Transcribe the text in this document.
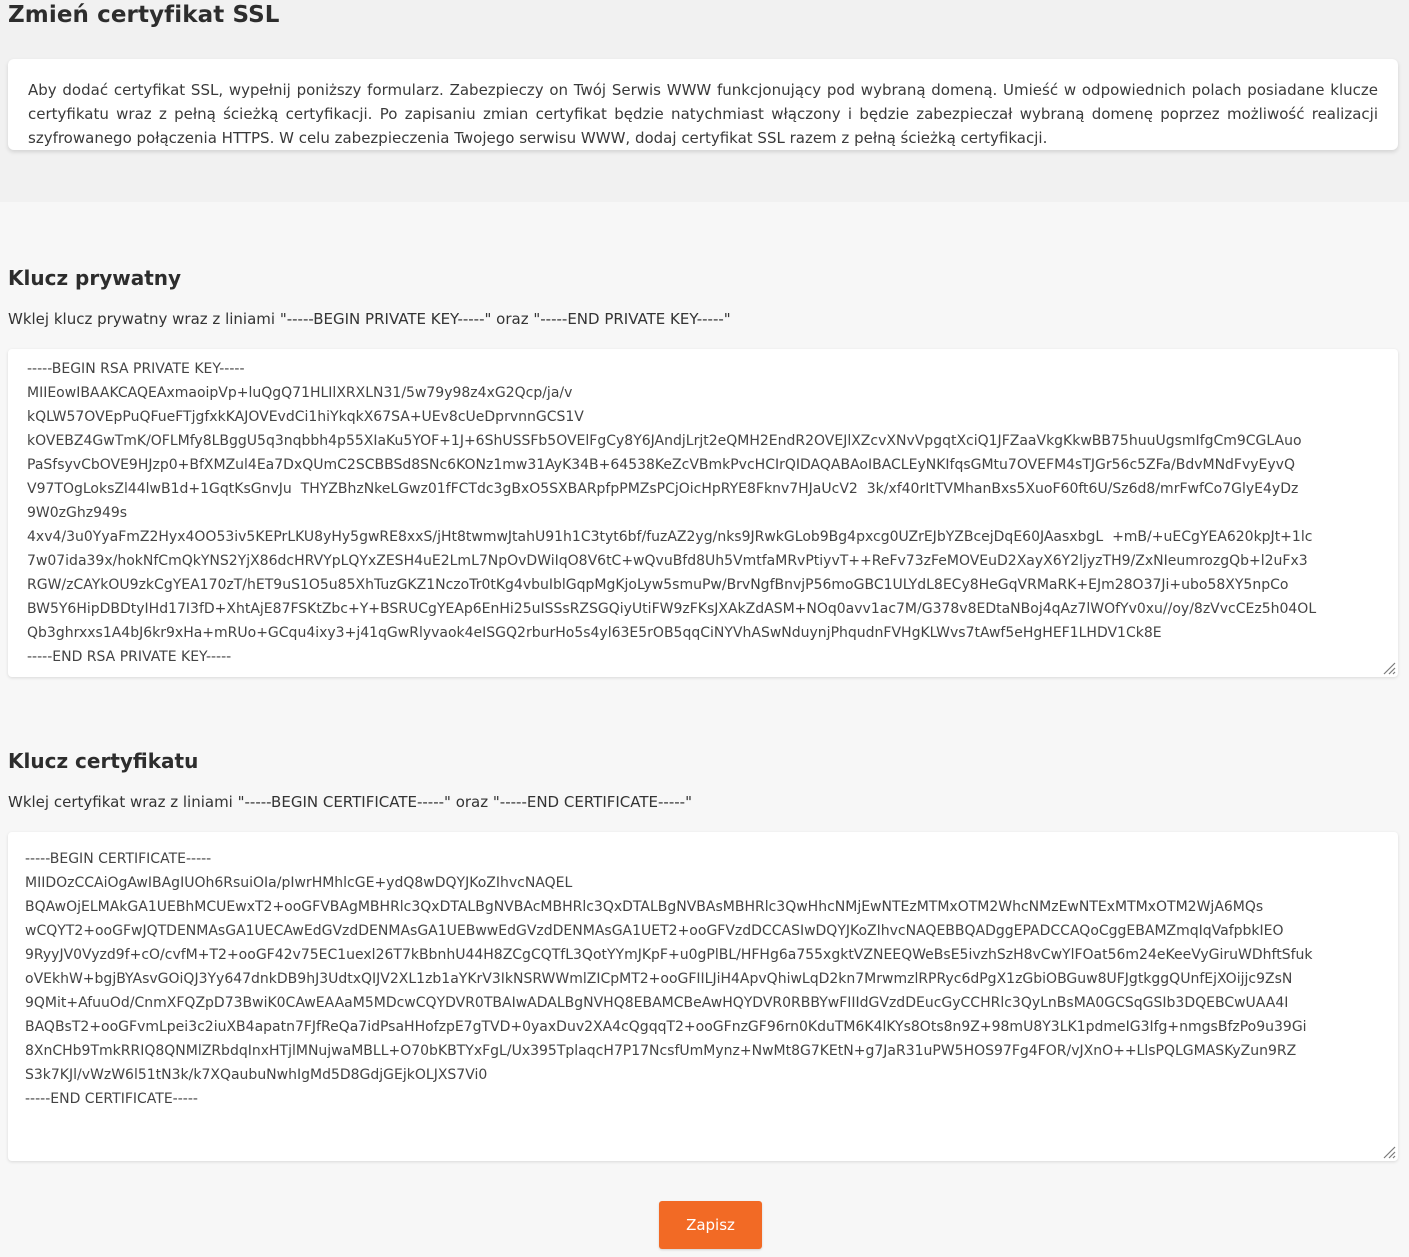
Zmień certyfikat SSL
Aby dodać certyfikat SSL, wypełnij poniższy formularz. Zabezpieczy on Twój Serwis WWW funkcjonujący pod wybraną domeną. Umieść w odpowiednich polach posiadane klucze certyfikatu wraz z pełną ścieżką certyfikacji. Po zapisaniu zmian certyfikat będzie natychmiast włączony i będzie zabezpieczał wybraną domenę poprzez możliwość realizacji szyfrowanego połączenia HTTPS. W celu zabezpieczenia Twojego serwisu WWW, dodaj certyfikat SSL razem z pełną ścieżką certyfikacji.
Klucz prywatny

Wklej klucz prywatny wraz z liniami "-----BEGIN PRIVATE KEY-----" oraz "-----END PRIVATE KEY-----"

-----BEGIN RSA PRIVATE KEY-----
MIIEowIBAAKCAQEAxmaoipVp+luQgQ71HLIlXRXLN31/5w79y98z4xG2Qcp/ja/v
kQLW57OVEpPuQFueFTjgfxkKAJOVEvdCi1hiYkqkX67SA+UEv8cUeDprvnnGCS1V
kOVEBZ4GwTmK/OFLMfy8LBggU5q3nqbbh4p55XIaKu5YOF+1J+6ShUSSFb5OVElFgCy8Y6JAndjLrjt2eQMH2EndR2OVEJlXZcvXNvVpgqtXciQ1JFZaaVkgKkwBB75huuUgsmIfgCm9CGLAuo
PaSfsyvCbOVE9HJzp0+BfXMZul4Ea7DxQUmC2SCBBSd8SNc6KONz1mw31AyK34B+64538KeZcVBmkPvcHCIrQIDAQABAoIBACLEyNKIfqsGMtu7OVEFM4sTJGr56c5ZFa/BdvMNdFvyEyvQ
V97TOgLoksZl44lwB1d+1GqtKsGnvJu  THYZBhzNkeLGwz01fFCTdc3gBxO5SXBARpfpPMZsPCjOicHpRYE8Fknv7HJaUcV2  3k/xf40rItTVMhanBxs5XuoF60ft6U/Sz6d8/mrFwfCo7GlyE4yDz
9W0zGhz949s
4xv4/3u0YyaFmZ2Hyx4OO53iv5KEPrLKU8yHy5gwRE8xxS/jHt8twmwJtahU91h1C3tyt6bf/fuzAZ2yg/nks9JRwkGLob9Bg4pxcg0UZrEJbYZBcejDqE60JAasxbgL  +mB/+uECgYEA620kpJt+1lc
7w07ida39x/hokNfCmQkYNS2YjX86dcHRVYpLQYxZESH4uE2LmL7NpOvDWiIqO8V6tC+wQvuBfd8Uh5VmtfaMRvPtiyvT++ReFv73zFeMOVEuD2XayX6Y2ljyzTH9/ZxNIeumrozgQb+l2uFx3
RGW/zCAYkOU9zkCgYEA170zT/hET9uS1O5u85XhTuzGKZ1NczoTr0tKg4vbuIblGqpMgKjoLyw5smuPw/BrvNgfBnvjP56moGBC1ULYdL8ECy8HeGqVRMaRK+EJm28O37Ji+ubo58XY5npCo
BW5Y6HipDBDtyIHd17I3fD+XhtAjE87FSKtZbc+Y+BSRUCgYEAp6EnHi25uISSsRZSGQiyUtiFW9zFKsJXAkZdASM+NOq0avv1ac7M/G378v8EDtaNBoj4qAz7lWOfYv0xu//oy/8zVvcCEz5h04OL
Qb3ghrxxs1A4bJ6kr9xHa+mRUo+GCqu4ixy3+j41qGwRlyvaok4eISGQ2rburHo5s4yl63E5rOB5qqCiNYVhASwNduynjPhqudnFVHgKLWvs7tAwf5eHgHEF1LHDV1Ck8E
-----END RSA PRIVATE KEY-----
Klucz certyfikatu

Wklej certyfikat wraz z liniami "-----BEGIN CERTIFICATE-----" oraz "-----END CERTIFICATE-----"

-----BEGIN CERTIFICATE-----
MIIDOzCCAiOgAwIBAgIUOh6RsuiOIa/pIwrHMhlcGE+ydQ8wDQYJKoZIhvcNAQEL
BQAwOjELMAkGA1UEBhMCUEwxT2+ooGFVBAgMBHRlc3QxDTALBgNVBAcMBHRlc3QxDTALBgNVBAsMBHRlc3QwHhcNMjEwNTEzMTMxOTM2WhcNMzEwNTExMTMxOTM2WjA6MQs
wCQYT2+ooGFwJQTDENMAsGA1UECAwEdGVzdDENMAsGA1UEBwwEdGVzdDENMAsGA1UET2+ooGFVzdDCCASIwDQYJKoZIhvcNAQEBBQADggEPADCCAQoCggEBAMZmqIqVafpbkIEO
9RyyJV0Vyzd9f+cO/cvfM+T2+ooGF42v75EC1uexl26T7kBbnhU44H8ZCgCQTfL3QotYYmJKpF+u0gPlBL/HFHg6a755xgktVZNEEQWeBsE5ivzhSzH8vCwYlFOat56m24eKeeVyGiruWDhftSfuk
oVEkhW+bgjBYAsvGOiQJ3Yy647dnkDB9hJ3UdtxQIJV2XL1zb1aYKrV3IkNSRWWmlZICpMT2+ooGFIILJiH4ApvQhiwLqD2kn7MrwmzlRPRyc6dPgX1zGbiOBGuw8UFJgtkggQUnfEjXOijjc9ZsN
9QMit+AfuuOd/CnmXFQZpD73BwiK0CAwEAAaM5MDcwCQYDVR0TBAIwADALBgNVHQ8EBAMCBeAwHQYDVR0RBBYwFIIIdGVzdDEucGyCCHRlc3QyLnBsMA0GCSqGSIb3DQEBCwUAA4I
BAQBsT2+ooGFvmLpei3c2iuXB4apatn7FJfReQa7idPsaHHofzpE7gTVD+0yaxDuv2XA4cQgqqT2+ooGFnzGF96rn0KduTM6K4lKYs8Ots8n9Z+98mU8Y3LK1pdmeIG3Ifg+nmgsBfzPo9u39Gi
8XnCHb9TmkRRIQ8QNMlZRbdqInxHTjlMNujwaMBLL+O70bKBTYxFgL/Ux395TplaqcH7P17NcsfUmMynz+NwMt8G7KEtN+g7JaR31uPW5HOS97Fg4FOR/vJXnO++LlsPQLGMASKyZun9RZ
S3k7KJl/vWzW6l51tN3k/k7XQaubuNwhIgMd5D8GdjGEjkOLJXS7Vi0
-----END CERTIFICATE-----
Zapisz
